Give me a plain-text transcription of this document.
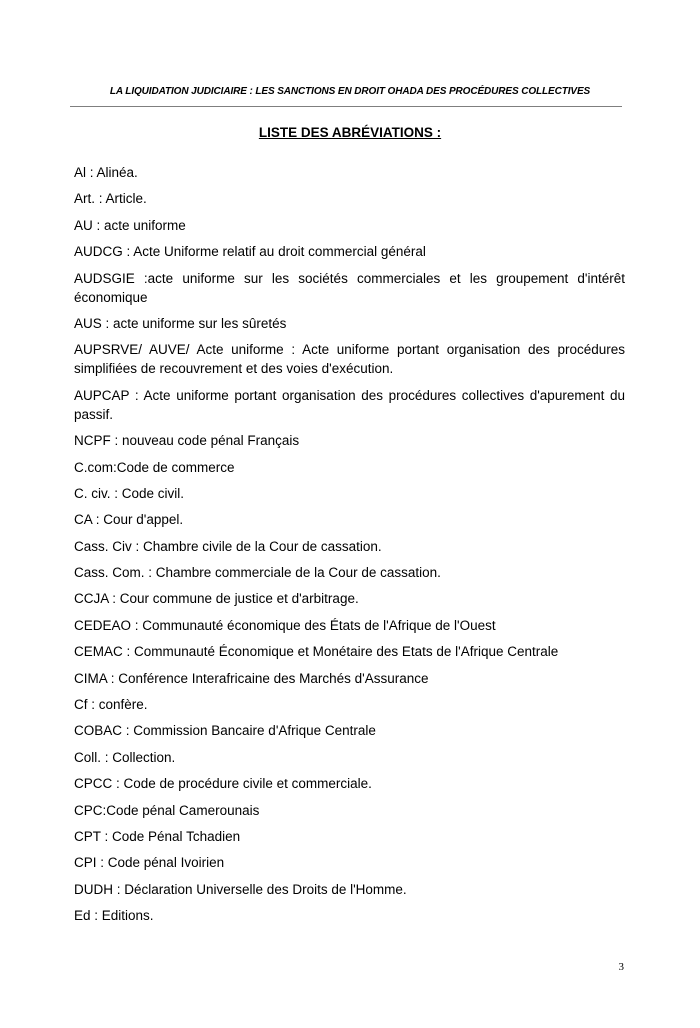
LA LIQUIDATION JUDICIAIRE : LES SANCTIONS EN DROIT OHADA DES PROCÉDURES COLLECTIVES
LISTE DES ABRÉVIATIONS :
Al : Alinéa.
Art. : Article.
AU : acte uniforme
AUDCG : Acte Uniforme relatif au droit commercial général
AUDSGIE :acte uniforme sur les sociétés commerciales et les groupement d'intérêt économique
AUS : acte uniforme sur les sûretés
AUPSRVE/ AUVE/ Acte uniforme : Acte uniforme portant organisation des procédures simplifiées de recouvrement et des voies d'exécution.
AUPCAP : Acte uniforme portant organisation des procédures collectives d'apurement du passif.
NCPF : nouveau code pénal Français
C.com:Code de commerce
C. civ. : Code civil.
CA : Cour d'appel.
Cass. Civ : Chambre civile de la Cour de cassation.
Cass. Com. : Chambre commerciale de la Cour de cassation.
CCJA : Cour commune de justice et d'arbitrage.
CEDEAO : Communauté économique des États de l'Afrique de l'Ouest
CEMAC : Communauté Économique et Monétaire des Etats de l'Afrique Centrale
CIMA : Conférence Interafricaine des Marchés d'Assurance
Cf : confère.
COBAC : Commission Bancaire d'Afrique Centrale
Coll. : Collection.
CPCC : Code de procédure civile et commerciale.
CPC:Code pénal Camerounais
CPT : Code Pénal Tchadien
CPI : Code pénal Ivoirien
DUDH : Déclaration Universelle des Droits de l'Homme.
Ed : Editions.
3
